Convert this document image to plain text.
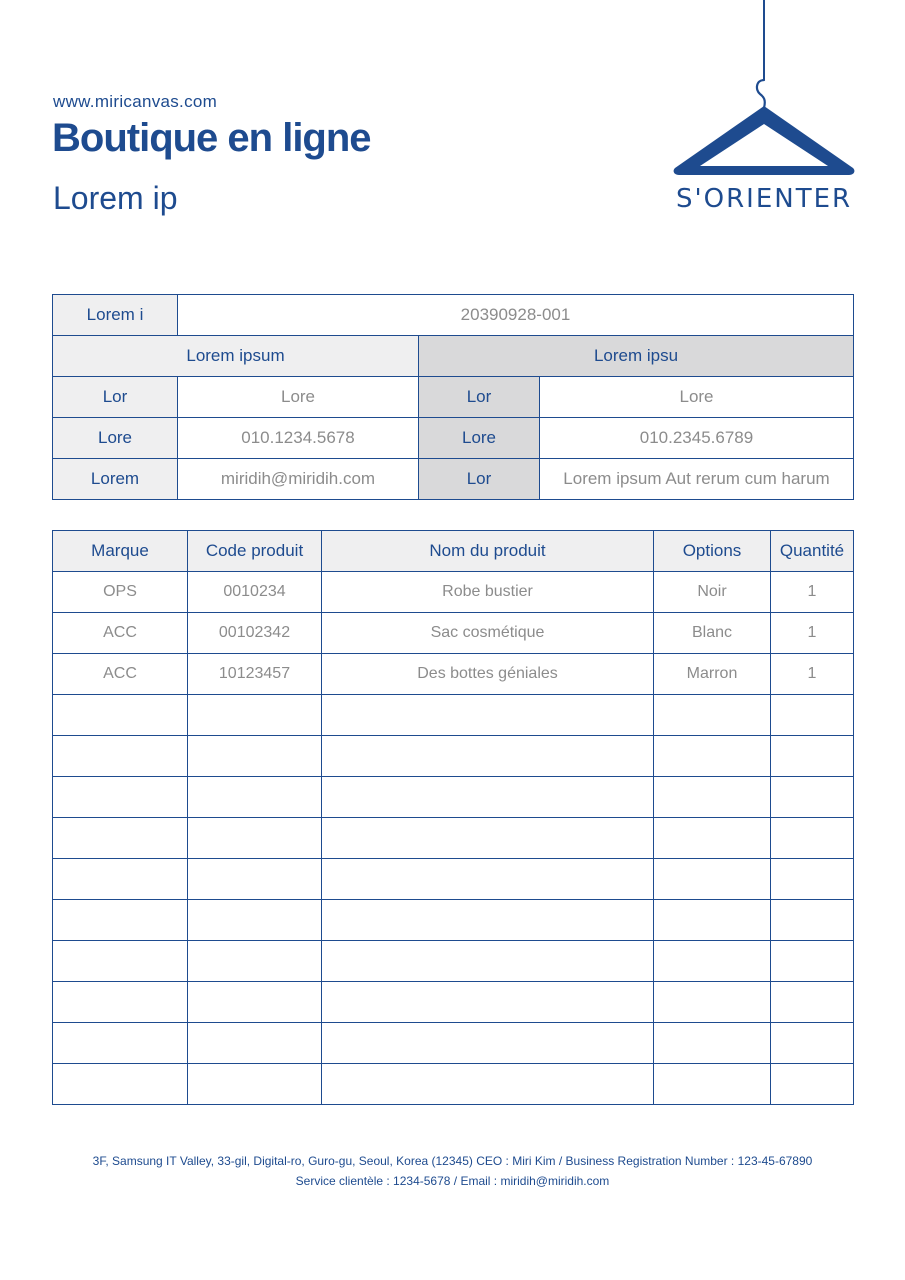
www.miricanvas.com
Boutique en ligne
Lorem ip	S'ORIENTER
Lorem i	20390928-001		
Lorem ipsum		Lorem ipsu	
Lor	Lore	Lor	Lore
Lore	010.1234.5678	Lore	010.2345.6789
Lorem	miridih@miridih.com	Lor	Lorem ipsum Aut rerum cum harum
Marque	Code produit	Nom du produit	Options	Quantité
OPS	0010234	Robe bustier	Noir	1
ACC	00102342	Sac cosmétique	Blanc	1
ACC	10123457	Des bottes géniales	Marron	1

3F, Samsung IT Valley, 33-gil, Digital-ro, Guro-gu, Seoul, Korea (12345) CEO : Miri Kim / Business Registration Number : 123-45-67890
Service clientèle : 1234-5678 / Email : miridih@miridih.com
